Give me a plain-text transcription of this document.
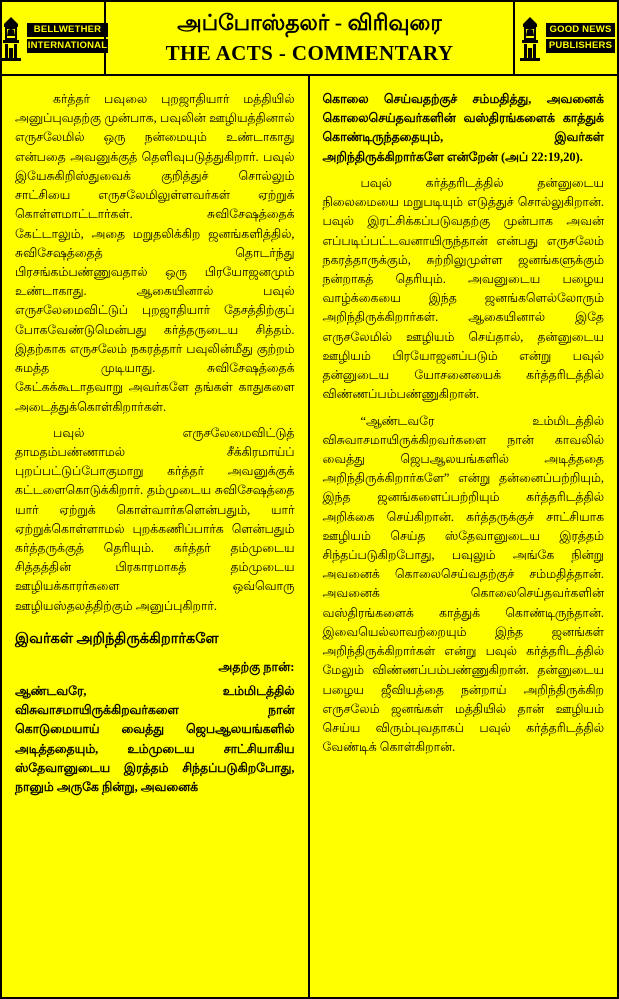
BELLWETHER
INTERNATIONAL
அப்போஸ்தலர் - விரிவுரை
THE ACTS - COMMENTARY
GOOD NEWS
PUBLISHERS

கர்த்தர் பவுலை புறஜாதியார் மத்தியில் அனுப்புவதற்கு முன்பாக, பவுலின் ஊழியத்தினால் எருசலேமில் ஒரு நன்மையும் உண்டாகாது என்பதை அவனுக்குத் தெளிவுபடுத்துகிறார். பவுல் இயேசுகிறிஸ்துவைக் குறித்துச் சொல்லும் சாட்சியை எருசலேமிலுள்ளவர்கள் ஏற்றுக் கொள்ளமாட்டார்கள். சுவிசேஷத்தைக் கேட்டாலும், அதை மறுதலிக்கிற ஜனங்களித்தில், சுவிசேஷத்தைத் தொடர்ந்து பிரசங்கம்பண்ணுவதால் ஒரு பிரயோஜனமும் உண்டாகாது. ஆகையினால் பவுல் எருசலேமைவிட்டுப் புறஜாதியார் தேசத்திற்குப் போகவேண்டுமென்பது கர்த்தருடைய சித்தம். இதற்காக எருசலேம் நகரத்தார் பவுலின்மீது குற்றம் சுமத்த முடியாது. சுவிசேஷத்தைக் கேட்கக்கூடாதவாறு அவர்களே தங்கள் காதுகளை அடைத்துக்கொள்கிறார்கள்.

பவுல் எருசலேமைவிட்டுத் தாமதம்பண்ணாமல் சீக்கிரமாய்ப் புறப்பட்டுப்போகுமாறு கர்த்தர் அவனுக்குக் கட்டளைகொடுக்கிறார். தம்முடைய சுவிசேஷத்தை யார் ஏற்றுக் கொள்வார்களென்பதும், யார் ஏற்றுக்கொள்ளாமல் புறக்கணிப்பார்க ளென்பதும் கர்த்தருக்குத் தெரியும். கர்த்தர் தம்முடைய சித்தத்தின் பிரகாரமாகத் தம்முடைய ஊழியக்காரர்களை ஒவ்வொரு ஊழியஸ்தலத்திற்கும் அனுப்புகிறார்.

இவர்கள் அறிந்திருக்கிறார்களே

அதற்கு நான்:

ஆண்டவரே, உம்மிடத்தில் விசுவாசமாயிருக்கிறவர்களை நான் கொடுமையாய் வைத்து ஜெபஆலயங்களில் அடித்ததையும், உம்முடைய சாட்சியாகிய ஸ்தேவானுடைய இரத்தம் சிந்தப்படுகிறபோது, நானும் அருகே நின்று, அவனைக்

கொலை செய்வதற்குச் சம்மதித்து, அவனைக் கொலைசெய்தவர்களின் வஸ்திரங்களைக் காத்துக் கொண்டிருந்ததையும், இவர்கள் அறிந்திருக்கிறார்களே என்றேன் (அப் 22:19,20).

பவுல் கர்த்தரிடத்தில் தன்னுடைய நிலைமையை மறுபடியும் எடுத்துச் சொல்லுகிறான். பவுல் இரட்சிக்கப்படுவதற்கு முன்பாக அவன் எப்படிப்பட்டவனாயிருந்தான் என்பது எருசலேம் நகரத்தாருக்கும், சுற்றிலுமுள்ள ஜனங்களுக்கும் நன்றாகத் தெரியும். அவனுடைய பழைய வாழ்க்கையை இந்த ஜனங்களெல்லோரும் அறிந்திருக்கிறார்கள். ஆகையினால் இதே எருசலேமில் ஊழியம் செய்தால், தன்னுடைய ஊழியம் பிரயோஜனப்படும் என்று பவுல் தன்னுடைய யோசனையைக் கர்த்தரிடத்தில் விண்ணப்பம்பண்ணுகிறான்.

“ஆண்டவரே உம்மிடத்தில் விசுவாசமாயிருக்கிறவர்களை நான் காவலில் வைத்து ஜெபஆலயங்களில் அடித்ததை அறிந்திருக்கிறார்களே” என்று தன்னைப்பற்றியும், இந்த ஜனங்களைப்பற்றியும் கர்த்தரிடத்தில் அறிக்கை செய்கிறான். கர்த்தருக்குச் சாட்சியாக ஊழியம் செய்த ஸ்தேவானுடைய இரத்தம் சிந்தப்படுகிறபோது, பவுலும் அங்கே நின்று அவனைக் கொலைசெய்வதற்குச் சம்மதித்தான். அவனைக் கொலைசெய்தவர்களின் வஸ்திரங்களைக் காத்துக் கொண்டிருந்தான். இவையெல்லாவற்றையும் இந்த ஜனங்கள் அறிந்திருக்கிறார்கள் என்று பவுல் கர்த்தரிடத்தில் மேலும் விண்ணப்பம்பண்ணுகிறான். தன்னுடைய பழைய ஜீவியத்தை நன்றாய் அறிந்திருக்கிற எருசலேம் ஜனங்கள் மத்தியில் தான் ஊழியம் செய்ய விரும்புவதாகப் பவுல் கர்த்தரிடத்தில் வேண்டிக் கொள்கிறான்.
